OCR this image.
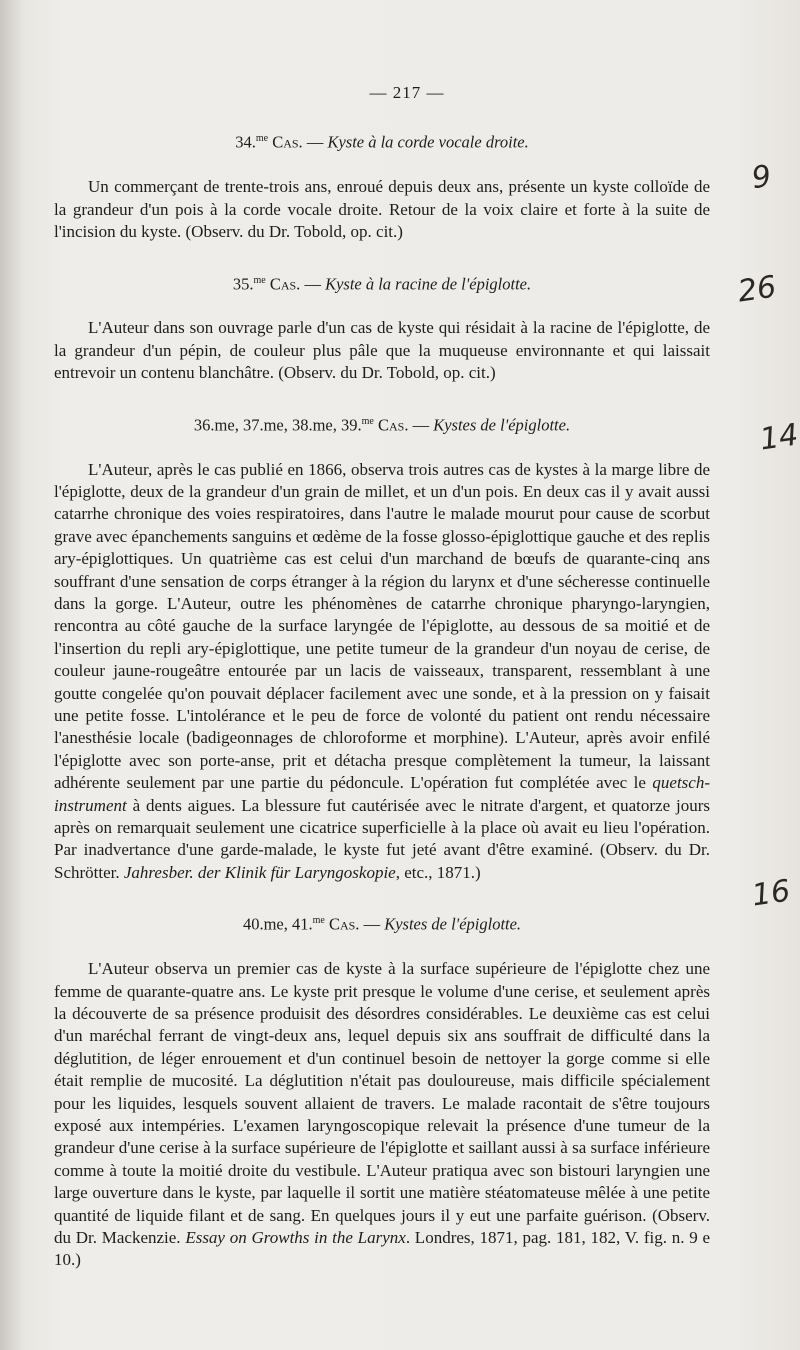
9
26
14
16
— 217 —
34.$^{me}$ Cas. — Kyste à la corde vocale droite.

Un commerçant de trente-trois ans, enroué depuis deux ans, présente un kyste colloïde de la grandeur d'un pois à la corde vocale droite. Retour de la voix claire et forte à la suite de l'incision du kyste. (Observ. du Dr. Tobold, op. cit.)

35.$^{me}$ Cas. — Kyste à la racine de l'épiglotte.

L'Auteur dans son ouvrage parle d'un cas de kyste qui résidait à la racine de l'épiglotte, de la grandeur d'un pépin, de couleur plus pâle que la muqueuse environnante et qui laissait entrevoir un contenu blanchâtre. (Observ. du Dr. Tobold, op. cit.)

36.me, 37.me, 38.me, 39.$^{me}$ Cas. — Kystes de l'épiglotte.

L'Auteur, après le cas publié en 1866, observa trois autres cas de kystes à la marge libre de l'épiglotte, deux de la grandeur d'un grain de millet, et un d'un pois. En deux cas il y avait aussi catarrhe chronique des voies respiratoires, dans l'autre le malade mourut pour cause de scorbut grave avec épanchements sanguins et œdème de la fosse glosso-épiglottique gauche et des replis ary-épiglottiques. Un quatrième cas est celui d'un marchand de bœufs de quarante-cinq ans souffrant d'une sensation de corps étranger à la région du larynx et d'une sécheresse continuelle dans la gorge. L'Auteur, outre les phénomènes de catarrhe chronique pharyngo-laryngien, rencontra au côté gauche de la surface laryngée de l'épiglotte, au dessous de sa moitié et de l'insertion du repli ary-épiglottique, une petite tumeur de la grandeur d'un noyau de cerise, de couleur jaune-rougeâtre entourée par un lacis de vaisseaux, transparent, ressemblant à une goutte congelée qu'on pouvait déplacer facilement avec une sonde, et à la pression on y faisait une petite fosse. L'intolérance et le peu de force de volonté du patient ont rendu nécessaire l'anesthésie locale (badigeonnages de chloroforme et morphine). L'Auteur, après avoir enfilé l'épiglotte avec son porte-anse, prit et détacha presque complètement la tumeur, la laissant adhérente seulement par une partie du pédoncule. L'opération fut complétée avec le quetsch-instrument à dents aigues. La blessure fut cautérisée avec le nitrate d'argent, et quatorze jours après on remarquait seulement une cicatrice superficielle à la place où avait eu lieu l'opération. Par inadvertance d'une garde-malade, le kyste fut jeté avant d'être examiné. (Observ. du Dr. Schrötter. Jahresber. der Klinik für Laryngoskopie, etc., 1871.)

40.me, 41.$^{me}$ Cas. — Kystes de l'épiglotte.

L'Auteur observa un premier cas de kyste à la surface supérieure de l'épiglotte chez une femme de quarante-quatre ans. Le kyste prit presque le volume d'une cerise, et seulement après la découverte de sa présence produisit des désordres considérables. Le deuxième cas est celui d'un maréchal ferrant de vingt-deux ans, lequel depuis six ans souffrait de difficulté dans la déglutition, de léger enrouement et d'un continuel besoin de nettoyer la gorge comme si elle était remplie de mucosité. La déglutition n'était pas douloureuse, mais difficile spécialement pour les liquides, lesquels souvent allaient de travers. Le malade racontait de s'être toujours exposé aux intempéries. L'examen laryngoscopique relevait la présence d'une tumeur de la grandeur d'une cerise à la surface supérieure de l'épiglotte et saillant aussi à sa surface inférieure comme à toute la moitié droite du vestibule. L'Auteur pratiqua avec son bistouri laryngien une large ouverture dans le kyste, par laquelle il sortit une matière stéatomateuse mêlée à une petite quantité de liquide filant et de sang. En quelques jours il y eut une parfaite guérison. (Observ. du Dr. Mackenzie. Essay on Growths in the Larynx. Londres, 1871, pag. 181, 182, V. fig. n. 9 e 10.)
